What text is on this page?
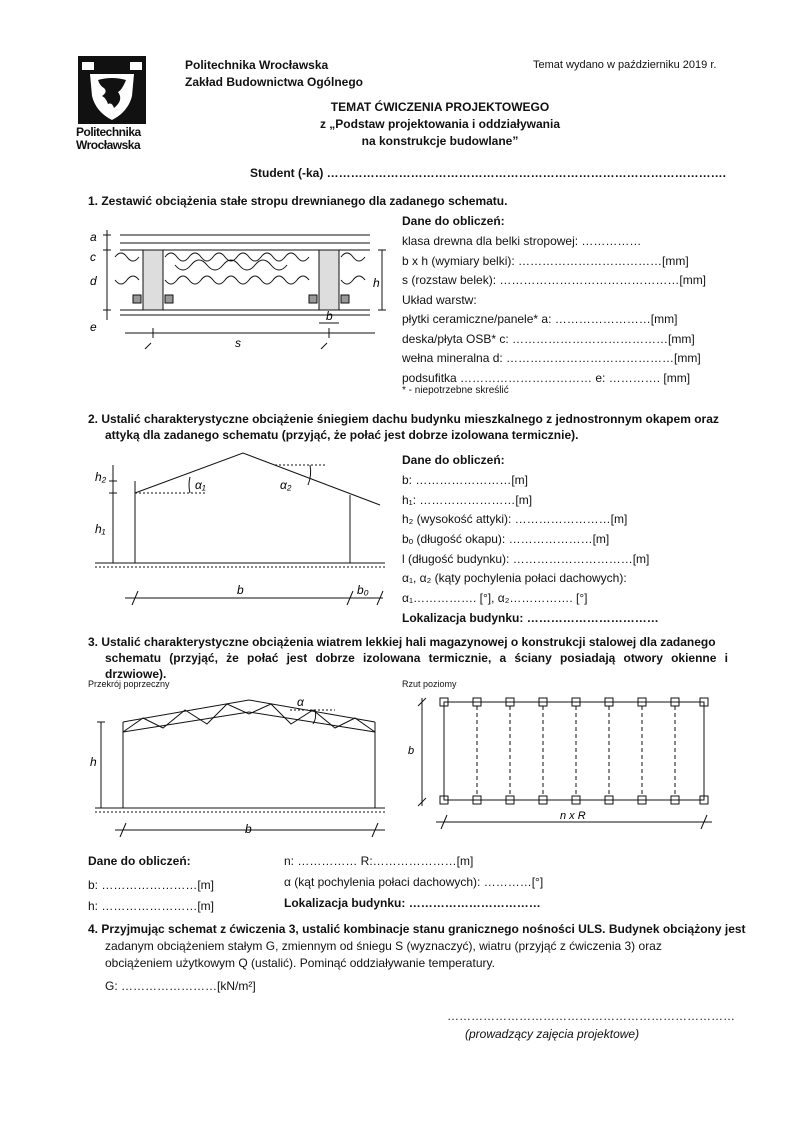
Politechnika
Wrocławska
Politechnika Wrocławska
Zakład Budownictwa Ogólnego
Temat wydano w październiku 2019 r.
TEMAT ĆWICZENIA PROJEKTOWEGO
z „Podstaw projektowania i oddziaływania
na konstrukcje budowlane”
Student (-ka) ……………………………………………………………………………………….
1. Zestawić obciążenia stałe stropu drewnianego dla zadanego schematu.
a
c
d
e
h
b
s
Dane do obliczeń:
klasa drewna dla belki stropowej: ……………
b x h (wymiary belki): ………………………………[mm]
s (rozstaw belek): ………………………………………[mm]
Układ warstw:
płytki ceramiczne/panele* a: ……………………[mm]
deska/płyta OSB* c: …………………………………[mm]
wełna mineralna d: ……………………………………[mm]
podsufitka …………………………… e: …………. [mm]
* - niepotrzebne skreślić
2. Ustalić charakterystyczne obciążenie śniegiem dachu budynku mieszkalnego z jednostronnym okapem oraz
attyką dla zadanego schematu (przyjąć, że połać jest dobrze izolowana termicznie).
h₂
h₁
α₁	α₂
b	b₀
Dane do obliczeń:
b: ……………………[m]
h₁: ……………………[m]
h₂ (wysokość attyki): ……………………[m]
bₒ (długość okapu): …………………[m]
l (długość budynku): …………………………[m]
α₁, α₂ (kąty pochylenia połaci dachowych):
α₁……………. [°], α₂……………. [°]
Lokalizacja budynku: ……………………………
3. Ustalić charakterystyczne obciążenia wiatrem lekkiej hali magazynowej o konstrukcji stalowej dla zadanego
schematu (przyjąć, że połać jest dobrze izolowana termicznie, a ściany posiadają otwory okienne i drzwiowe).
Przekrój poprzeczny	Rzut poziomy
α
h
b
b
n x R
Dane do obliczeń:
b: ……………………[m]
h: ……………………[m]
n: …………… R:…………………[m]
α (kąt pochylenia połaci dachowych): …………[°]
Lokalizacja budynku: ……………………………
4. Przyjmując schemat z ćwiczenia 3, ustalić kombinacje stanu granicznego nośności ULS. Budynek obciążony jest
zadanym obciążeniem stałym G, zmiennym od śniegu S (wyznaczyć), wiatru (przyjąć z ćwiczenia 3) oraz
obciążeniem użytkowym Q (ustalić). Pominąć oddziaływanie temperatury.
G: ……………………[kN/m²]
………………………………………………………………
(prowadzący zajęcia projektowe)
